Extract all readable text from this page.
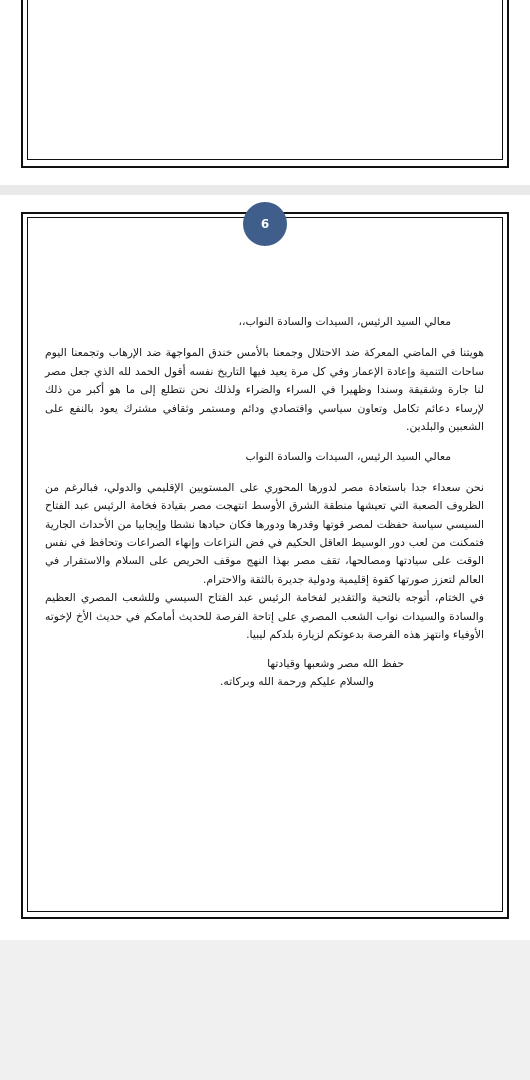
6

معالي السيد الرئيس، السيدات والسادة النواب،،

هويتنا في الماضي المعركة ضد الاحتلال وجمعنا بالأمس خندق المواجهة ضد الإرهاب وتجمعنا اليوم ساحات التنمية وإعادة الإعمار وفي كل مرة يعيد فيها التاريخ نفسه أقول الحمد لله الذي جعل مصر لنا جارة وشقيقة وسندا وظهيرا في السراء والضراء ولذلك نحن نتطلع إلى ما هو أكبر من ذلك لإرساء دعائم تكامل وتعاون سياسي واقتصادي ودائم ومستمر وثقافي مشترك يعود بالنفع على الشعبين والبلدين.

معالي السيد الرئيس، السيدات والسادة النواب

نحن سعداء جدا باستعادة مصر لدورها المحوري على المستويين الإقليمي والدولي، فبالرغم من الظروف الصعبة التي تعيشها منطقة الشرق الأوسط انتهجت مصر بقيادة فخامة الرئيس عبد الفتاح السيسي سياسة حفظت لمصر قوتها وقدرها ودورها فكان حيادها نشطا وإيجابيا من الأحداث الجارية فتمكنت من لعب دور الوسيط العاقل الحكيم في فض النزاعات وإنهاء الصراعات وتحافظ في نفس الوقت على سيادتها ومصالحها، تقف مصر بهذا النهج موقف الحريص على السلام والاستقرار في العالم لتعزز صورتها كقوة إقليمية ودولية جديرة بالثقة والاحترام.

في الختام، أتوجه بالتحية والتقدير لفخامة الرئيس عبد الفتاح السيسي وللشعب المصري العظيم والسادة والسيدات نواب الشعب المصري على إتاحة الفرصة للحديث أمامكم في حديث الأخ لإخوته الأوفياء وانتهز هذه الفرصة بدعوتكم لزيارة بلدكم ليبيا.

حفظ الله مصر وشعبها وقيادتها

والسلام عليكم ورحمة الله وبركاته.
